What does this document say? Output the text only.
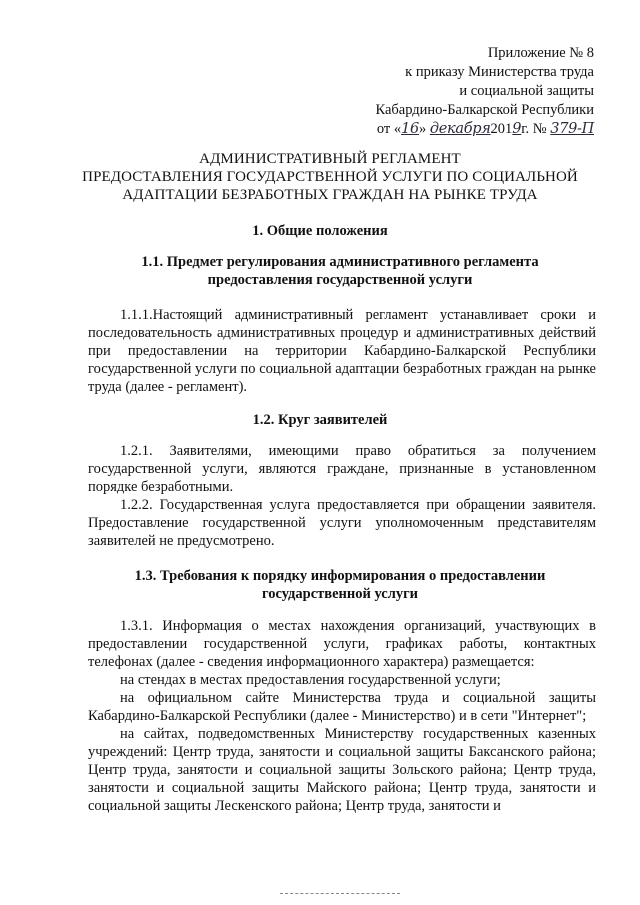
Приложение № 8
к приказу Министерства труда
и социальной защиты
Кабардино-Балкарской Республики
от «16» декабря2019г. № 379-П
АДМИНИСТРАТИВНЫЙ РЕГЛАМЕНТ
ПРЕДОСТАВЛЕНИЯ ГОСУДАРСТВЕННОЙ УСЛУГИ ПО СОЦИАЛЬНОЙ
АДАПТАЦИИ БЕЗРАБОТНЫХ ГРАЖДАН НА РЫНКЕ ТРУДА
1. Общие положения
1.1. Предмет регулирования административного регламента
предоставления государственной услуги

1.1.1.Настоящий административный регламент устанавливает сроки и последовательность административных процедур и административных действий при предоставлении на территории Кабардино-Балкарской Республики государственной услуги по социальной адаптации безработных граждан на рынке труда (далее - регламент).

1.2. Круг заявителей

1.2.1. Заявителями, имеющими право обратиться за получением государственной услуги, являются граждане, признанные в установленном порядке безработными.

1.2.2. Государственная услуга предоставляется при обращении заявителя. Предоставление государственной услуги уполномоченным представителям заявителей не предусмотрено.

1.3. Требования к порядку информирования о предоставлении
государственной услуги

1.3.1. Информация о местах нахождения организаций, участвующих в предоставлении государственной услуги, графиках работы, контактных телефонах (далее - сведения информационного характера) размещается:

на стендах в местах предоставления государственной услуги;

на официальном сайте Министерства труда и социальной защиты Кабардино-Балкарской Республики (далее - Министерство) и в сети "Интернет";

на сайтах, подведомственных Министерству государственных казенных учреждений: Центр труда, занятости и социальной защиты Баксанского района; Центр труда, занятости и социальной защиты Зольского района; Центр труда, занятости и социальной защиты Майского района; Центр труда, занятости и социальной защиты Лескенского района; Центр труда, занятости и
